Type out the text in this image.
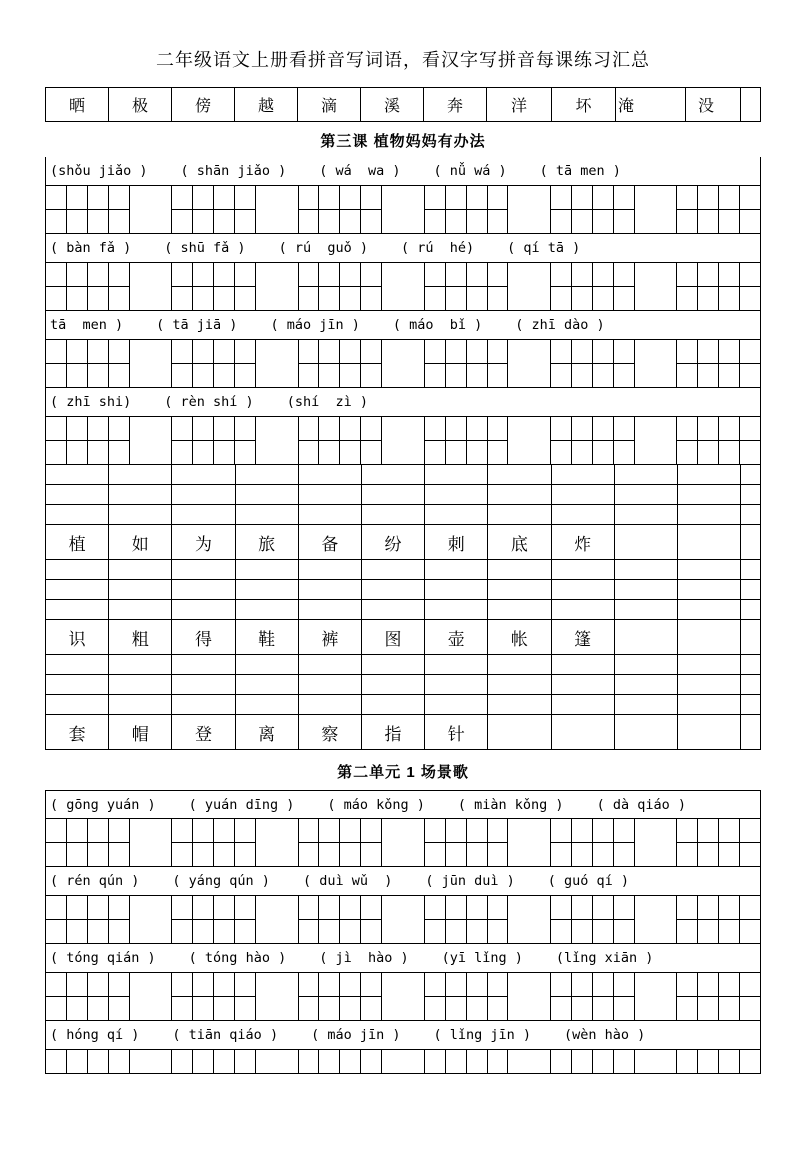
二年级语文上册看拼音写词语，看汉字写拼音每课练习汇总
晒	极	傍	越	滴	溪	奔	洋	坏	淹	没
第三课 植物妈妈有办法
(shǒu jiǎo ) ( shān jiǎo ) ( wá  wa ) ( nǚ wá ) ( tā men )
( bàn fǎ ) ( shū fǎ ) ( rú  guǒ ) ( rú  hé) ( qí tā )
tā  men ) ( tā jiā ) ( máo jīn ) ( máo  bǐ ) ( zhī dào )
( zhī shi) ( rèn shí ) (shí  zì )
植	如	为	旅	备	纷	刺	底	炸
识	粗	得	鞋	裤	图	壶	帐	篷
套	帽	登	离	察	指	针
第二单元 1 场景歌
( gōng yuán ) ( yuán dīng ) ( máo kǒng ) ( miàn kǒng ) ( dà qiáo )
( rén qún ) ( yáng qún ) ( duì wǔ  ) ( jūn duì ) ( guó qí )
( tóng qián ) ( tóng hào ) ( jì  hào ) (yī lǐng ) (lǐng xiān )
( hóng qí ) ( tiān qiáo ) ( máo jīn ) ( lǐng jīn ) (wèn hào )
